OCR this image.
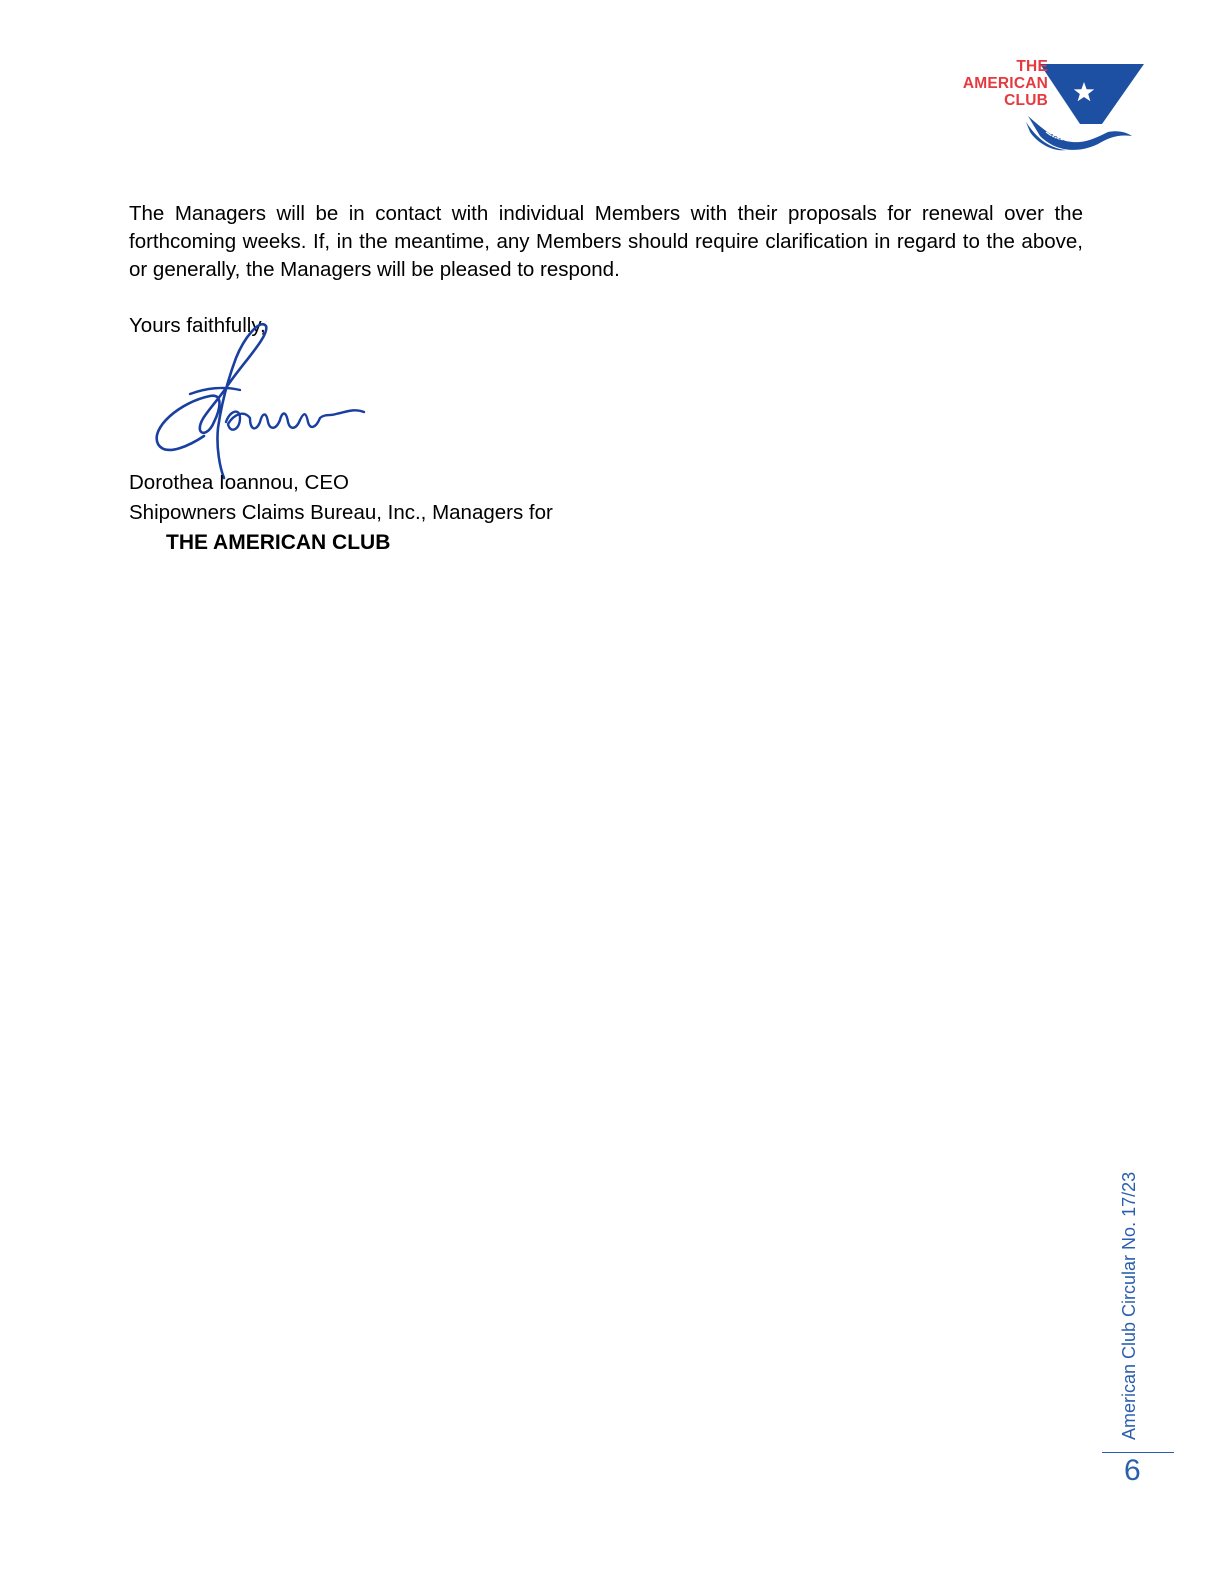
1917
THE
AMERICAN
CLUB

The Managers will be in contact with individual Members with their proposals for renewal over the forthcoming weeks. If, in the meantime, any Members should require clarification in regard to the above, or generally, the Managers will be pleased to respond.

Yours faithfully,

Dorothea Ioannou, CEO
Shipowners Claims Bureau, Inc., Managers for
THE AMERICAN CLUB
American Club Circular No. 17/23
6
